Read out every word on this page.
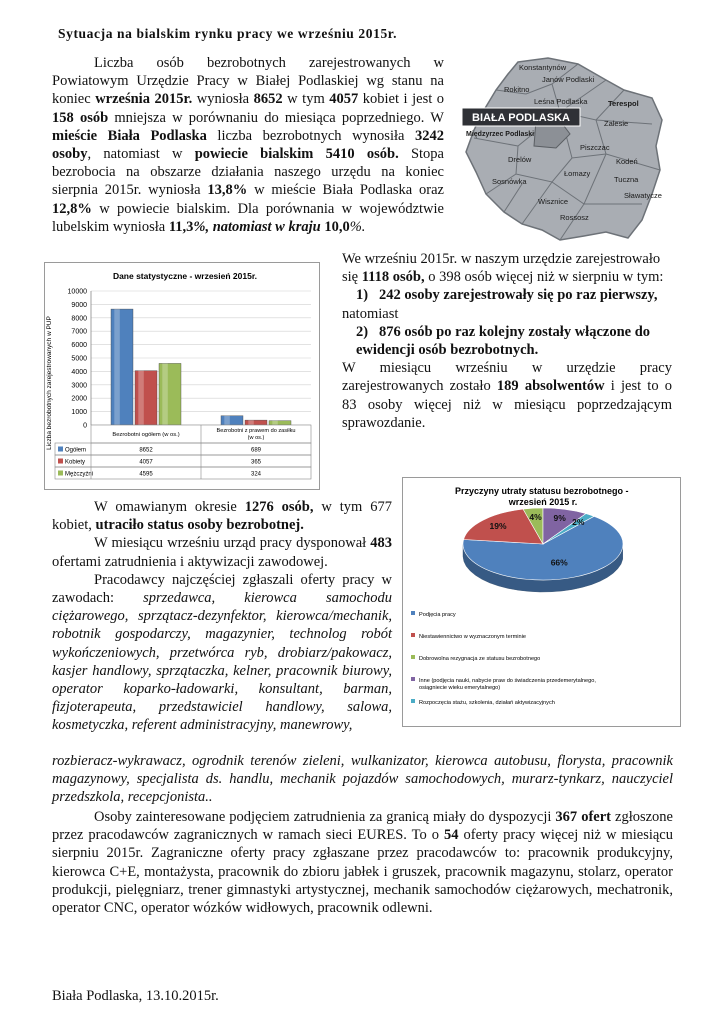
Sytuacja na bialskim rynku pracy we wrześniu 2015r.

Liczba osób bezrobotnych zarejestrowanych w Powiatowym Urzędzie Pracy w Białej Podlaskiej wg stanu na koniec września 2015r. wyniosła 8652 w tym 4057 kobiet i jest o 158 osób mniejsza w porównaniu do miesiąca poprzedniego. W mieście Biała Podlaska liczba bezrobotnych wynosiła 3242 osoby, natomiast w powiecie bialskim 5410 osób. Stopa bezrobocia na obszarze działania naszego urzędu na koniec sierpnia 2015r. wyniosła 13,8% w mieście Biała Podlaska oraz 12,8% w powiecie bialskim. Dla porównania w województwie lubelskim wyniosła 11,3%, natomiast w kraju 10,0%.

Konstantynów
Janów Podlaski
Rokitno
Leśna Podlaska	Terespol
Zalesie
Międzyrzec Podlaski
Piszczac
Drelów	Kodeń
Tuczna
Sosnówka
Łomazy
Sławatycze
Wisznice
Rossosz
BIAŁA PODLASKA
Dane statystyczne - wrzesień 2015r.
Liczba bezrobotnych zarejestrowanych w PUP
10000
9000
8000
7000
6000
5000
4000
3000
2000
1000
0
Bezrobotni ogółem (w os.)
Bezrobotni z prawem do zasiłku
(w os.)
Ogółem	8652	689
Kobiety	4057	365
Mężczyźni	4595	324

We wrześniu 2015r. w naszym urzędzie zarejestrowało się 1118 osób, o 398 osób więcej niż w sierpniu w tym:

1)   242 osoby zarejestrowały się po raz pierwszy,

natomiast

2)   876 osób po raz kolejny zostały włączone do ewidencji osób bezrobotnych.

W miesiącu wrześniu w urzędzie pracy zarejestrowanych zostało 189 absolwentów i jest to o 83 osoby więcej niż w miesiącu poprzedzającym sprawozdanie.

Przyczyny utraty statusu bezrobotnego - wrzesień 2015 r.
66%
19%
4% 9% 2%
Podjęcia pracy
Niestawiennictwo w wyznaczonym terminie
Dobrowolna rezygnacja ze statusu bezrobotnego
Inne (podjęcia nauki, nabycie praw do świadczenia przedemerytalnego,
osiągniecie wieku emerytalnego)
Rozpoczęcia stażu, szkolenia, działań aktywizacyjnych

W omawianym okresie 1276 osób, w tym 677 kobiet, utraciło status osoby bezrobotnej.

W miesiącu wrześniu urząd pracy dysponował 483 ofertami zatrudnienia i aktywizacji zawodowej.

Pracodawcy najczęściej zgłaszali oferty pracy w zawodach: sprzedawca, kierowca samochodu ciężarowego, sprzątacz-dezynfektor, kierowca/mechanik, robotnik gospodarczy, magazynier, technolog robót wykończeniowych, przetwórca ryb, drobiarz/pakowacz, kasjer handlowy, sprzątaczka, kelner, pracownik biurowy, operator koparko-ładowarki, konsultant, barman, fizjoterapeuta, przedstawiciel handlowy, salowa, kosmetyczka, referent administracyjny, manewrowy,

rozbieracz-wykrawacz, ogrodnik terenów zieleni, wulkanizator, kierowca autobusu, florysta, pracownik magazynowy, specjalista ds. handlu, mechanik pojazdów samochodowych, murarz-tynkarz, nauczyciel przedszkola, recepcjonista..

Osoby zainteresowane podjęciem zatrudnienia za granicą miały do dyspozycji 367 ofert zgłoszone przez pracodawców zagranicznych w ramach sieci EURES. To o 54 oferty pracy więcej niż w miesiącu sierpniu 2015r. Zagraniczne oferty pracy zgłaszane przez pracodawców to: pracownik produkcyjny, kierowca C+E, montażysta, pracownik do zbioru jabłek i gruszek, pracownik magazynu, stolarz, operator produkcji, pielęgniarz, trener gimnastyki artystycznej, mechanik samochodów ciężarowych, mechatronik, operator CNC, operator wózków widłowych, pracownik odlewni.

Biała Podlaska, 13.10.2015r.
